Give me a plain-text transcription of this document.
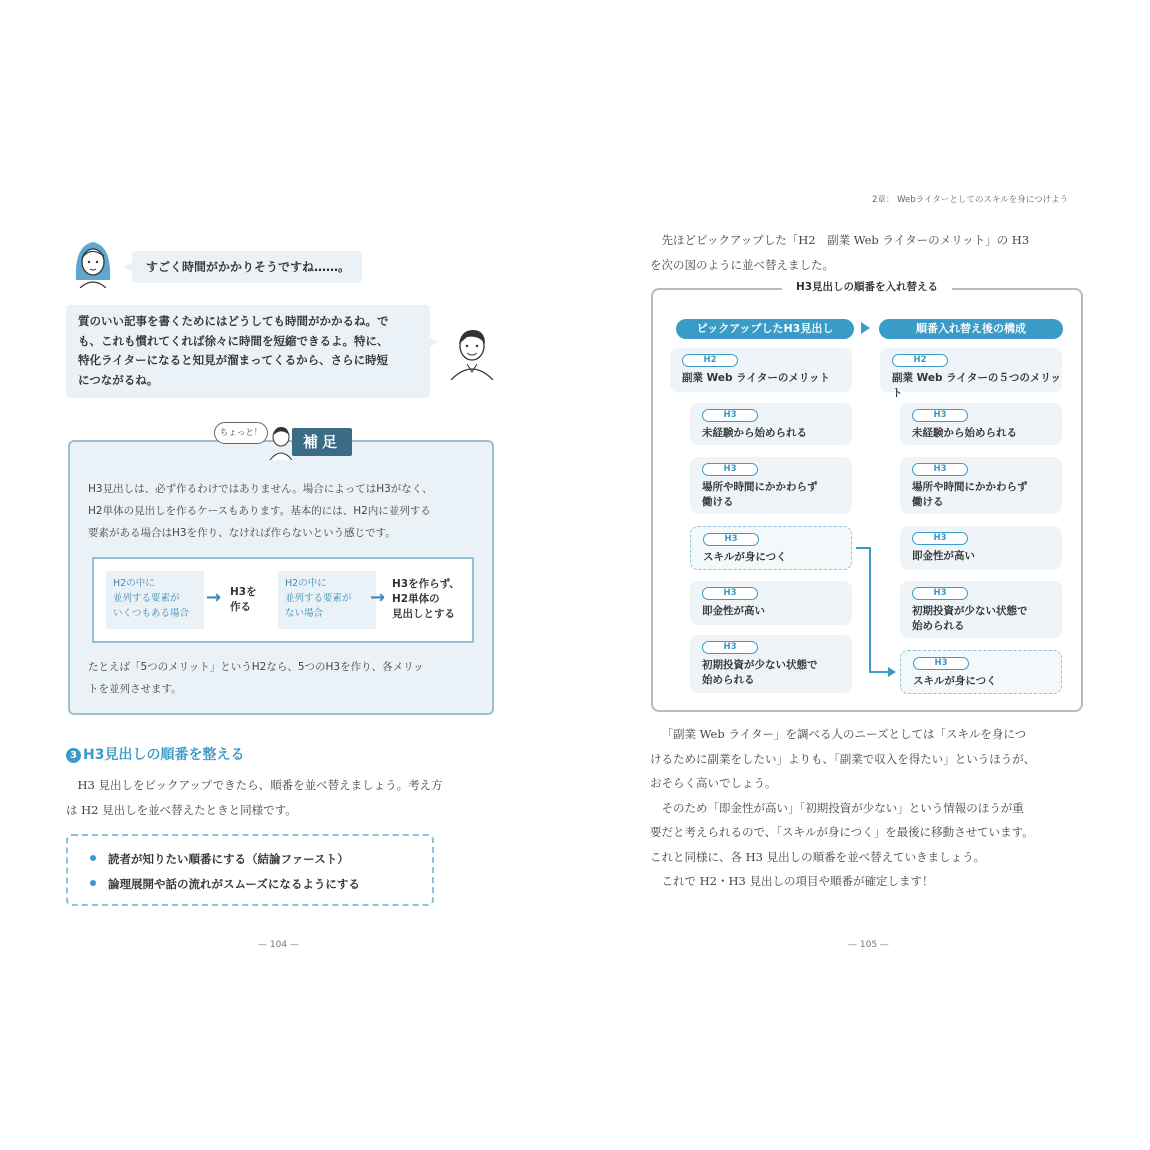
すごく時間がかかりそうですね……。
質のいい記事を書くためにはどうしても時間がかかるね。で
も、これも慣れてくれば徐々に時間を短縮できるよ。特に、
特化ライターになると知見が溜まってくるから、さらに時短
につながるね。
ちょっと！	補足
H3見出しは、必ず作るわけではありません。場合によってはH3がなく、
H2単体の見出しを作るケースもあります。基本的には、H2内に並列する
要素がある場合はH3を作り、なければ作らないという感じです。
H2の中に
並列する要素が
いくつもある場合
→ H3を
作る
H2の中に
並列する要素が
ない場合
→
H3を作らず、
H2単体の
見出しとする
たとえば「5つのメリット」というH2なら、5つのH3を作り、各メリッ
トを並列させます。
3 H3見出しの順番を整える
H3 見出しをピックアップできたら、順番を並べ替えましょう。考え方
は H2 見出しを並べ替えたときと同様です。
読者が知りたい順番にする（結論ファースト）
論理展開や話の流れがスムーズになるようにする
— 104 —
2章： Webライターとしてのスキルを身につけよう
先ほどピックアップした「H2　副業 Web ライターのメリット」の H3
を次の図のように並べ替えました。
H3見出しの順番を入れ替える
ピックアップしたH3見出し	順番入れ替え後の構成
H2
副業 Web ライターのメリット
H3
未経験から始められる
H3
場所や時間にかかわらず
働ける
H3
スキルが身につく
H3
即金性が高い
H3
初期投資が少ない状態で
始められる
H2
副業 Web ライターの５つのメリット
H3
未経験から始められる
H3
場所や時間にかかわらず
働ける
H3
即金性が高い
H3
初期投資が少ない状態で
始められる
H3
スキルが身につく
「副業 Web ライター」を調べる人のニーズとしては「スキルを身につ
けるために副業をしたい」よりも、「副業で収入を得たい」というほうが、
おそらく高いでしょう。
そのため「即金性が高い」「初期投資が少ない」という情報のほうが重
要だと考えられるので、「スキルが身につく」を最後に移動させています。
これと同様に、各 H3 見出しの順番を並べ替えていきましょう。
これで H2・H3 見出しの項目や順番が確定します！
— 105 —
